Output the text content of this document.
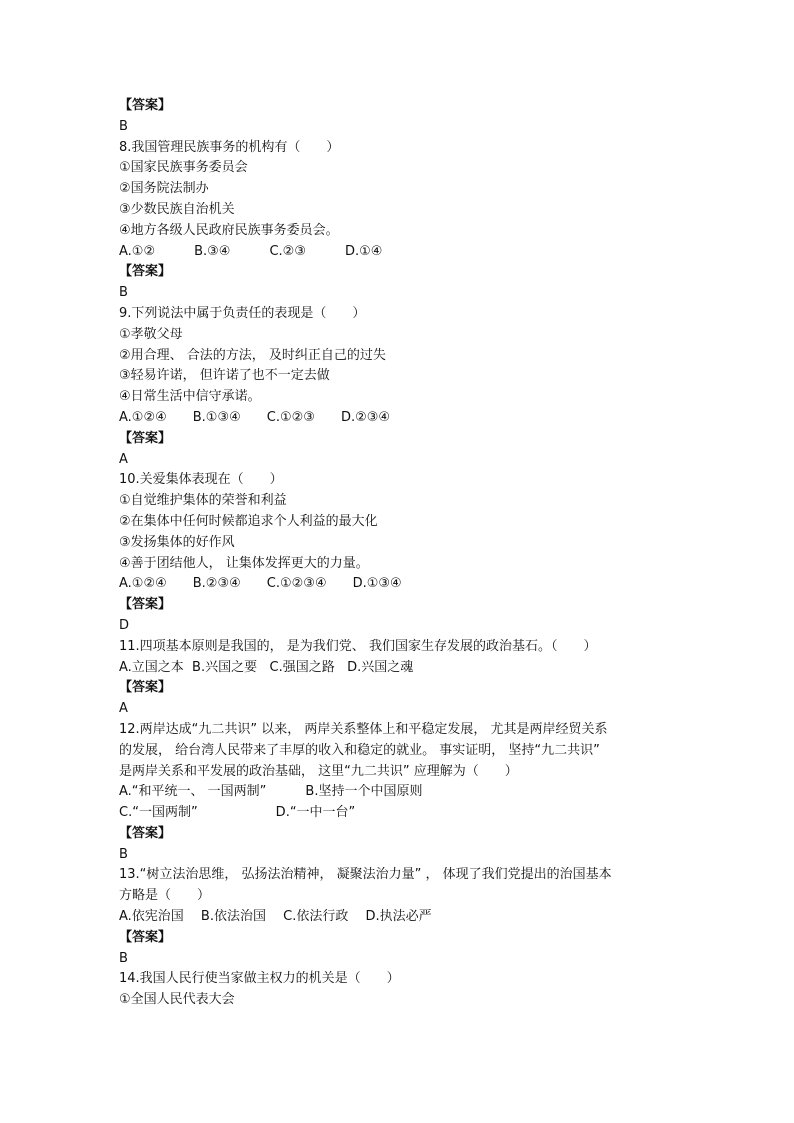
【答案】
B
8.我国管理民族事务的机构有（　　）
①国家民族事务委员会
②国务院法制办
③少数民族自治机关
④地方各级人民政府民族事务委员会。
A.①②　　　B.③④　　　C.②③　　　D.①④
【答案】
B
9.下列说法中属于负责任的表现是（　　）
①孝敬父母
②用合理、 合法的方法， 及时纠正自己的过失
③轻易许诺， 但许诺了也不一定去做
④日常生活中信守承诺。
A.①②④　　B.①③④　　C.①②③　　D.②③④
【答案】
A
10.关爱集体表现在（　　）
①自觉维护集体的荣誉和利益
②在集体中任何时候都追求个人利益的最大化
③发扬集体的好作风
④善于团结他人， 让集体发挥更大的力量。
A.①②④　　B.②③④　　C.①②③④　　D.①③④
【答案】
D
11.四项基本原则是我国的， 是为我们党、 我们国家生存发展的政治基石。（　　）
A.立国之本  B.兴国之要   C.强国之路   D.兴国之魂
【答案】
A
12.两岸达成“九二共识” 以来， 两岸关系整体上和平稳定发展， 尤其是两岸经贸关系
的发展， 给台湾人民带来了丰厚的收入和稳定的就业。 事实证明， 坚持“九二共识”
是两岸关系和平发展的政治基础， 这里“九二共识” 应理解为（　　）
A.“和平统一、 一国两制”　　　B.坚持一个中国原则
C.“一国两制”　　　　　　D.“一中一台”
【答案】
B
13.“树立法治思维， 弘扬法治精神， 凝聚法治力量” ， 体现了我们党提出的治国基本
方略是（　　）
A.依宪治国　 B.依法治国　 C.依法行政　 D.执法必严
【答案】
B
14.我国人民行使当家做主权力的机关是（　　）
①全国人民代表大会
